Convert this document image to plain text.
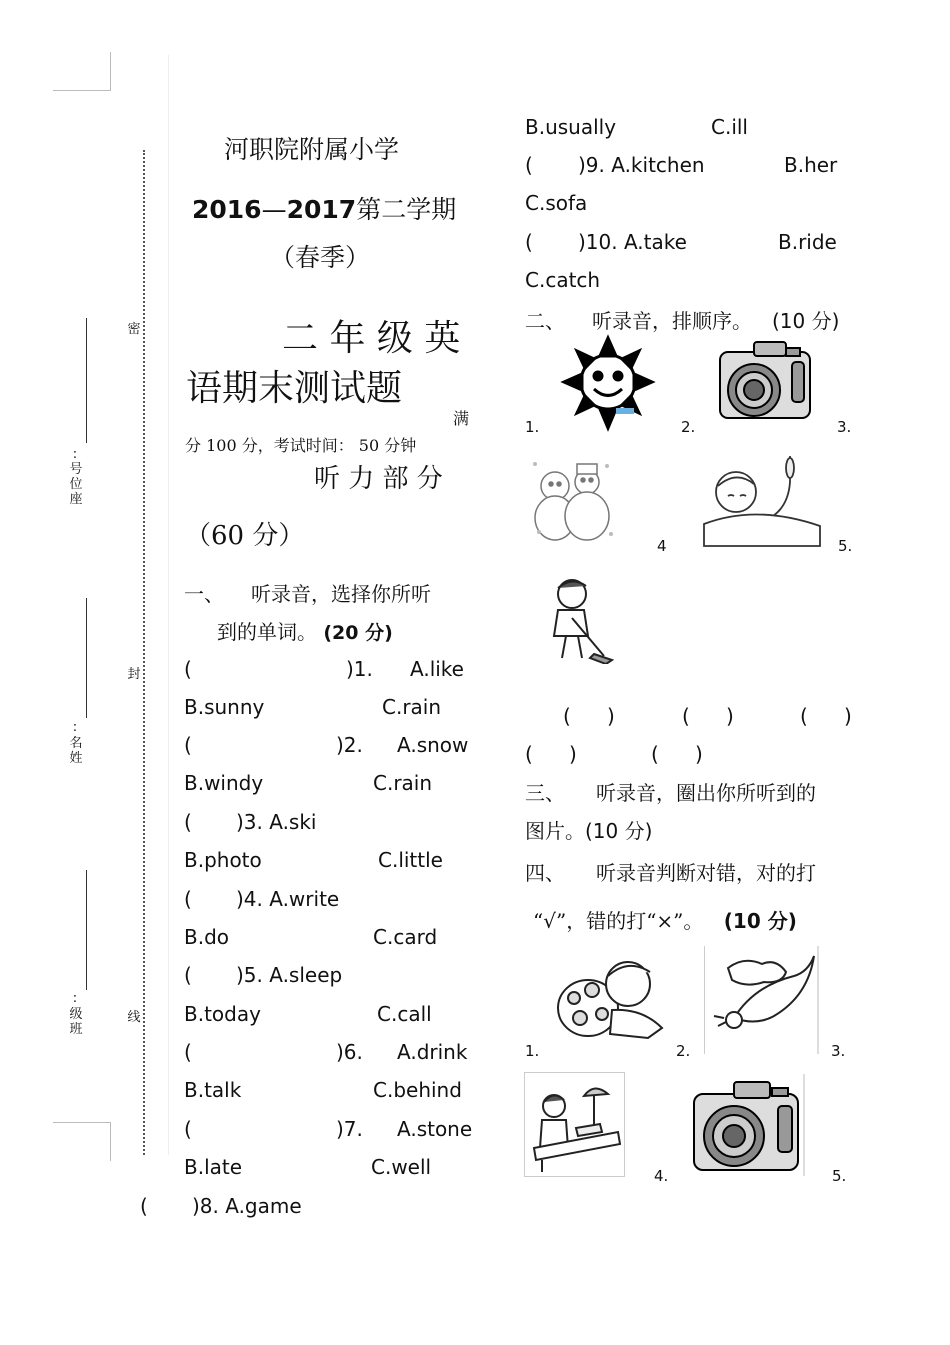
密
封
线
:
号位座
:
名姓
:
级班
河职院附属小学
2016—2017第二学期
（春季）
二 年 级 英
语期末测试题
满
分 100 分，考试时间： 50 分钟
听 力 部 分
（60 分）
一、 听录音，选择你所听
到的单词。 (20 分)
(	)1. A.like
B.sunny	C.rain
(	)2. A.snow
B.windy	C.rain
( )3. A.ski
B.photo	C.little
( )4. A.write
B.do	C.card
( )5. A.sleep
B.today	C.call
(	)6. A.drink
B.talk	C.behind
(	)7. A.stone
B.late	C.well
( )8. A.game
B.usually	C.ill
( )9. A.kitchen	B.her
C.sofa
( )10. A.take	B.ride
C.catch
二、 听录音，排顺序。 (10 分)
1.	2.	3.
4	5.
( )	( )	( )
( )	( )
三、 听录音，圈出你所听到的
图片。(10 分)
四、 听录音判断对错，对的打
“√”，错的打“×”。 (10 分)
1.	2.	3.
4.	5.
